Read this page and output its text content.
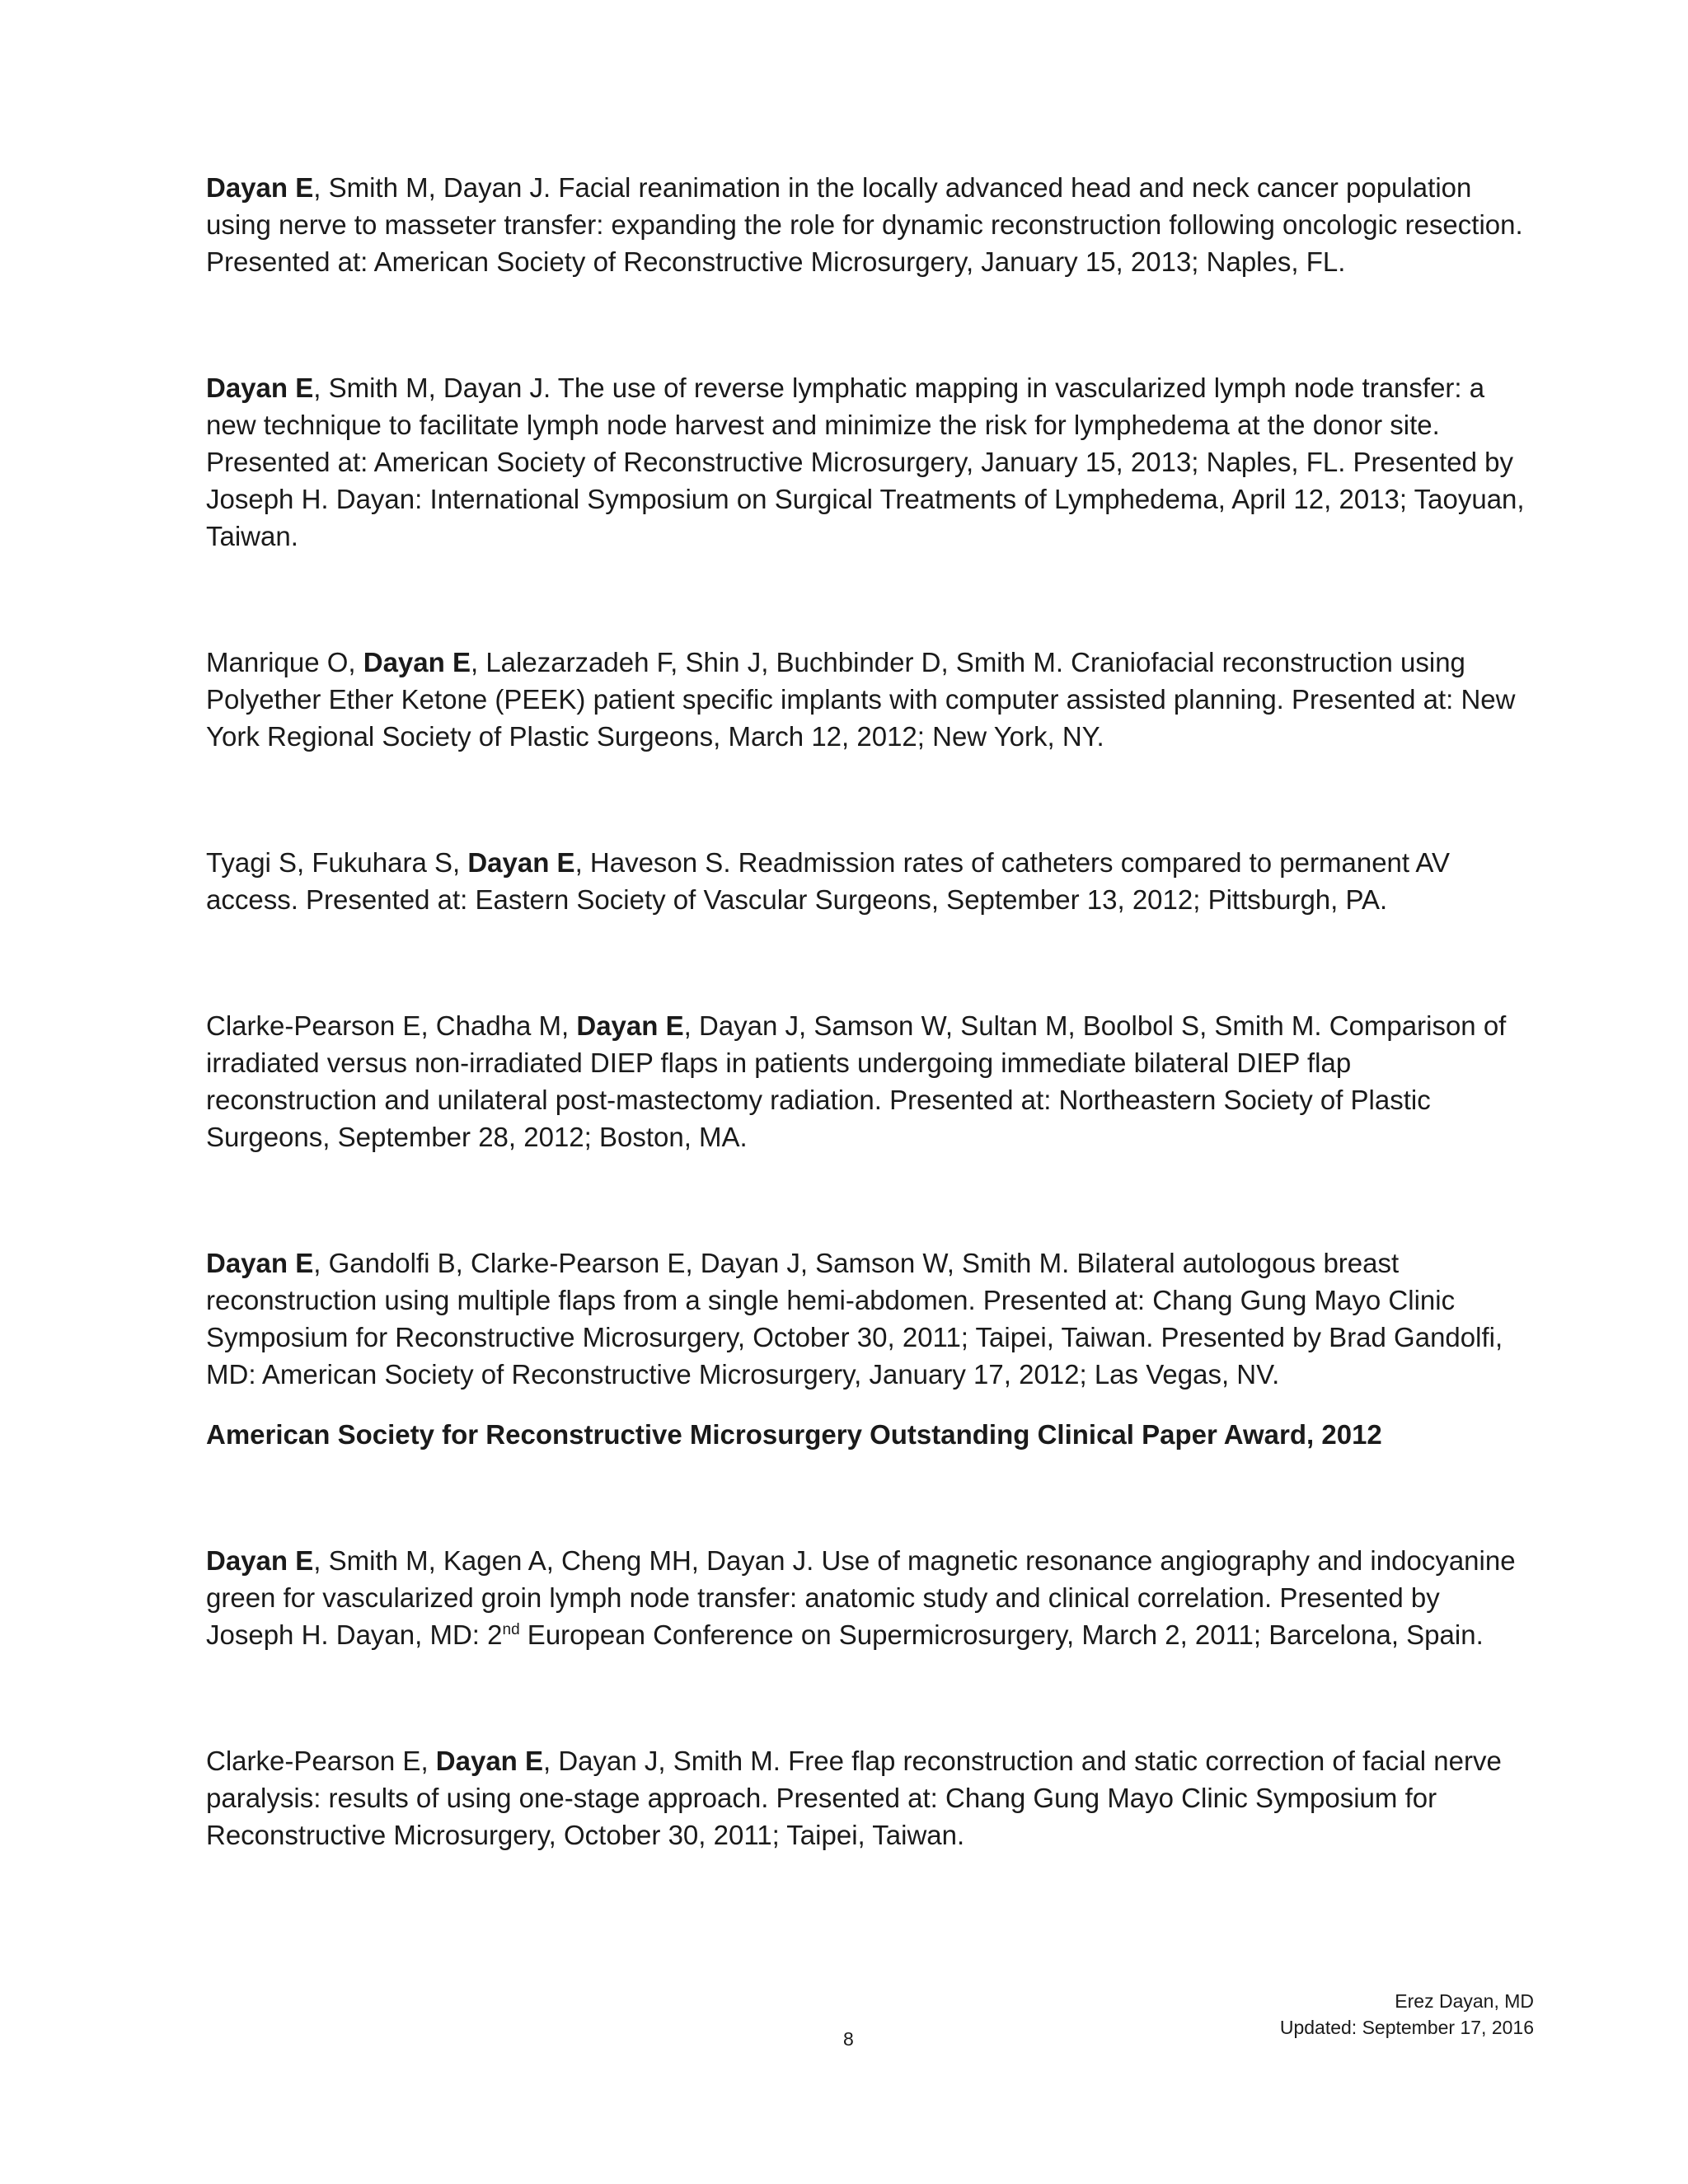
Dayan E, Smith M, Dayan J. Facial reanimation in the locally advanced head and neck cancer population using nerve to masseter transfer: expanding the role for dynamic reconstruction following oncologic resection. Presented at: American Society of Reconstructive Microsurgery, January 15, 2013; Naples, FL.

Dayan E, Smith M, Dayan J. The use of reverse lymphatic mapping in vascularized lymph node transfer: a new technique to facilitate lymph node harvest and minimize the risk for lymphedema at the donor site. Presented at: American Society of Reconstructive Microsurgery, January 15, 2013; Naples, FL. Presented by Joseph H. Dayan: International Symposium on Surgical Treatments of Lymphedema, April 12, 2013; Taoyuan, Taiwan.

Manrique O, Dayan E, Lalezarzadeh F, Shin J, Buchbinder D, Smith M. Craniofacial reconstruction using Polyether Ether Ketone (PEEK) patient specific implants with computer assisted planning. Presented at: New York Regional Society of Plastic Surgeons, March 12, 2012; New York, NY.

Tyagi S, Fukuhara S, Dayan E, Haveson S. Readmission rates of catheters compared to permanent AV access. Presented at: Eastern Society of Vascular Surgeons, September 13, 2012; Pittsburgh, PA.

Clarke-Pearson E, Chadha M, Dayan E, Dayan J, Samson W, Sultan M, Boolbol S, Smith M. Comparison of irradiated versus non-irradiated DIEP flaps in patients undergoing immediate bilateral DIEP flap reconstruction and unilateral post-mastectomy radiation. Presented at: Northeastern Society of Plastic Surgeons, September 28, 2012; Boston, MA.

Dayan E, Gandolfi B, Clarke-Pearson E, Dayan J, Samson W, Smith M. Bilateral autologous breast reconstruction using multiple flaps from a single hemi-abdomen. Presented at: Chang Gung Mayo Clinic Symposium for Reconstructive Microsurgery, October 30, 2011; Taipei, Taiwan. Presented by Brad Gandolfi, MD: American Society of Reconstructive Microsurgery, January 17, 2012; Las Vegas, NV.

American Society for Reconstructive Microsurgery Outstanding Clinical Paper Award, 2012

Dayan E, Smith M, Kagen A, Cheng MH, Dayan J. Use of magnetic resonance angiography and indocyanine green for vascularized groin lymph node transfer: anatomic study and clinical correlation. Presented by Joseph H. Dayan, MD: 2nd European Conference on Supermicrosurgery, March 2, 2011; Barcelona, Spain.

Clarke-Pearson E, Dayan E, Dayan J, Smith M. Free flap reconstruction and static correction of facial nerve paralysis: results of using one-stage approach. Presented at: Chang Gung Mayo Clinic Symposium for Reconstructive Microsurgery, October 30, 2011; Taipei, Taiwan.

Erez Dayan, MD
Updated: September 17, 2016
8
